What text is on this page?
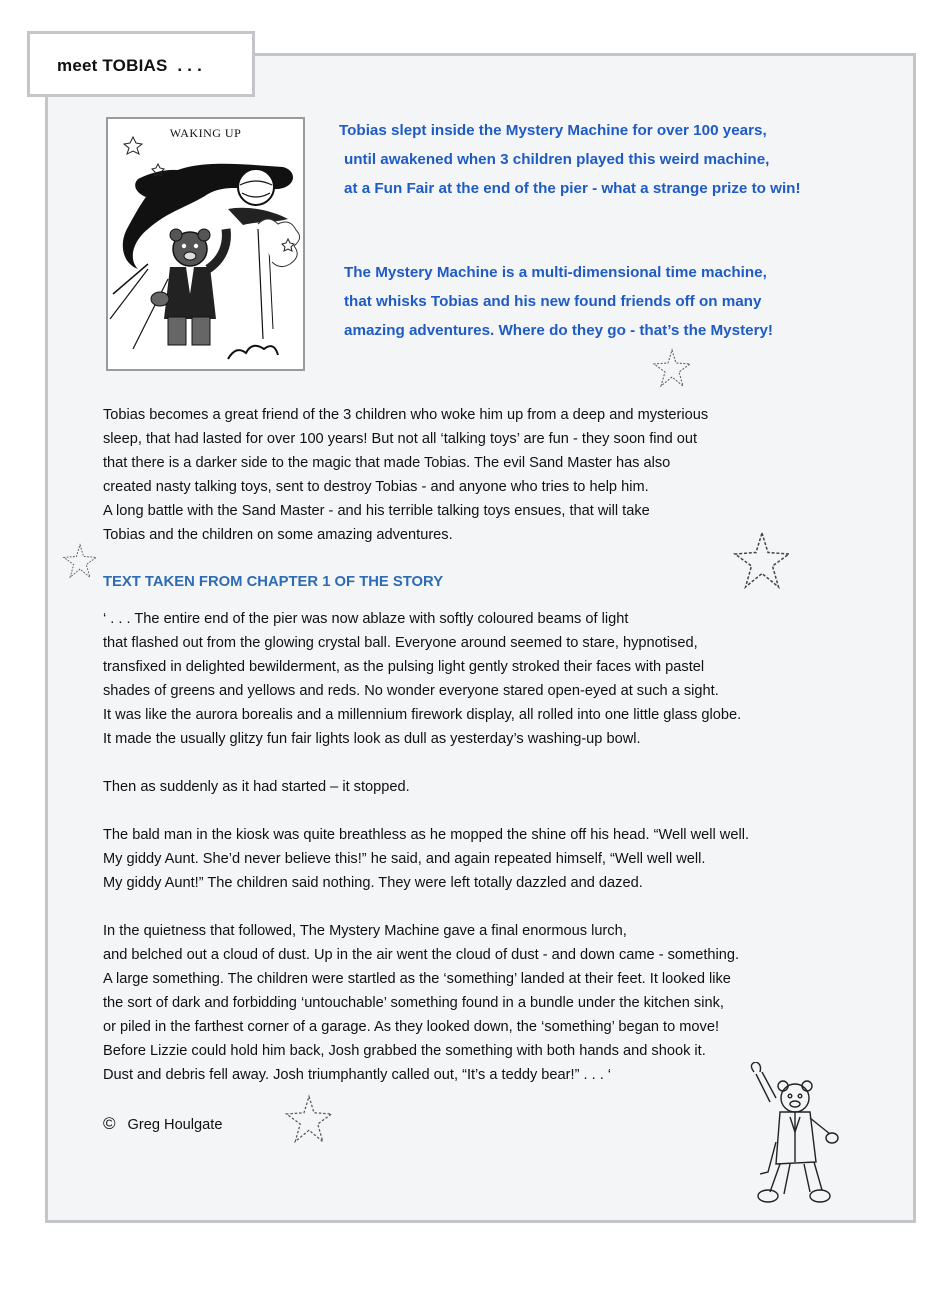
meet TOBIAS  . . .
WAKING UP	Tobias slept inside the Mystery Machine for over 100 years,
until awakened when 3 children played this weird machine,
at a Fun Fair at the end of the pier - what a strange prize to win!
The Mystery Machine is a multi-dimensional time machine,
that whisks Tobias and his new found friends off on many
amazing adventures. Where do they go - that’s the Mystery!
Tobias becomes a great friend of the 3 children who woke him up from a deep and mysterious
sleep, that had lasted for over 100 years! But not all ‘talking toys’ are fun - they soon find out
that there is a darker side to the magic that made Tobias. The evil Sand Master has also
created nasty talking toys, sent to destroy Tobias - and anyone who tries to help him.
A long battle with the Sand Master - and his terrible talking toys ensues, that will take
Tobias and the children on some amazing adventures.
TEXT TAKEN FROM CHAPTER 1 OF THE STORY
‘ . . . The entire end of the pier was now ablaze with softly coloured beams of light
that flashed out from the glowing crystal ball. Everyone around seemed to stare, hypnotised,
transfixed in delighted bewilderment, as the pulsing light gently stroked their faces with pastel
shades of greens and yellows and reds. No wonder everyone stared open-eyed at such a sight.
It was like the aurora borealis and a millennium firework display, all rolled into one little glass globe.
It made the usually glitzy fun fair lights look as dull as yesterday’s washing-up bowl.
Then as suddenly as it had started – it stopped.
The bald man in the kiosk was quite breathless as he mopped the shine off his head. “Well well well.
My giddy Aunt. She’d never believe this!” he said, and again repeated himself, “Well well well.
My giddy Aunt!” The children said nothing. They were left totally dazzled and dazed.
In the quietness that followed, The Mystery Machine gave a final enormous lurch,
and belched out a cloud of dust. Up in the air went the cloud of dust - and down came - something.
A large something. The children were startled as the ‘something’ landed at their feet. It looked like
the sort of dark and forbidding ‘untouchable’ something found in a bundle under the kitchen sink,
or piled in the farthest corner of a garage. As they looked down, the ‘something’ began to move!
Before Lizzie could hold him back, Josh grabbed the something with both hands and shook it.
Dust and debris fell away. Josh triumphantly called out, “It’s a teddy bear!” . . . ‘
© Greg Houlgate
